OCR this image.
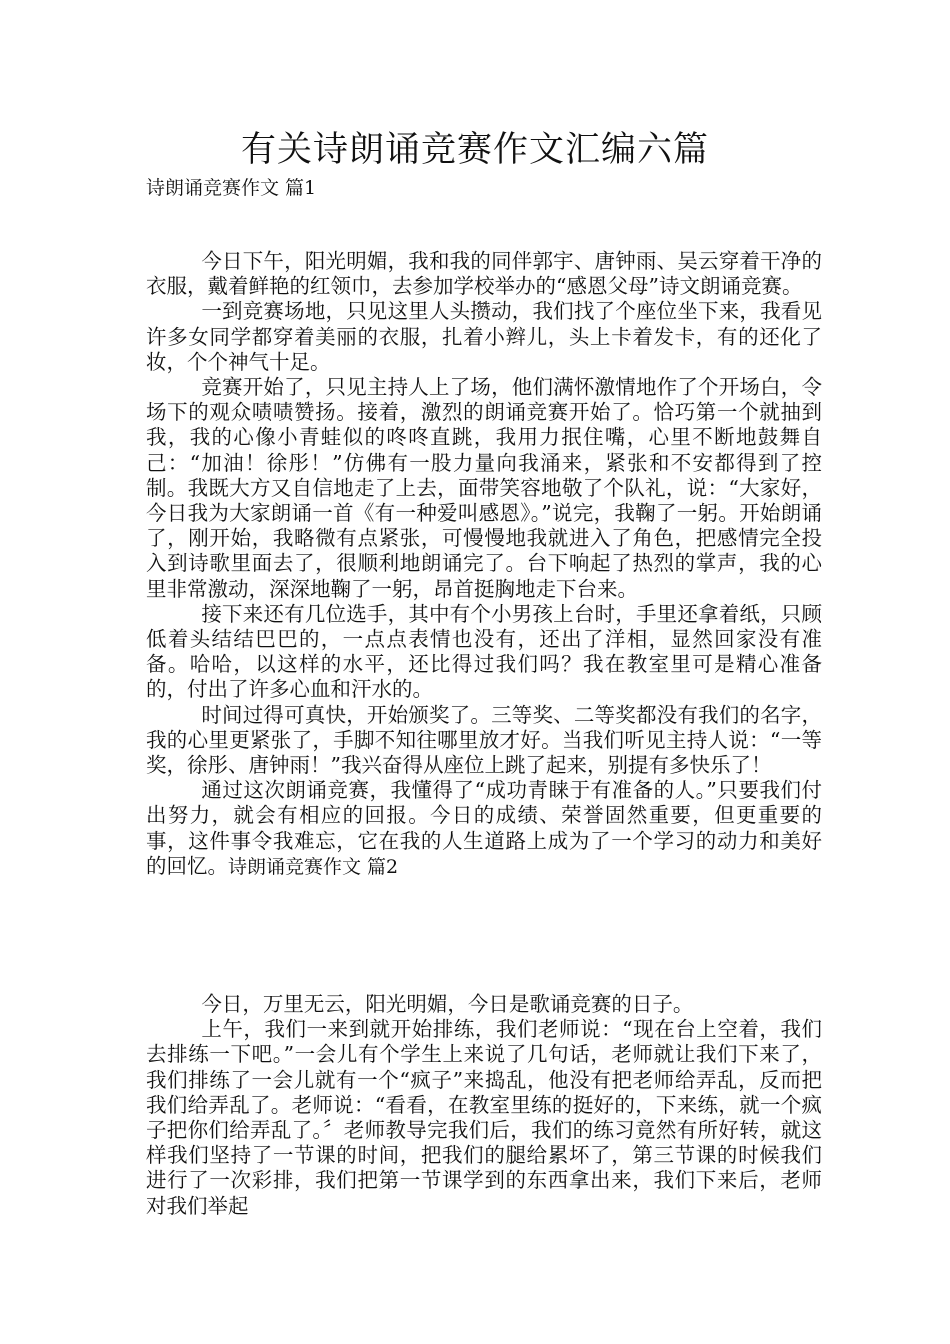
有关诗朗诵竞赛作文汇编六篇
诗朗诵竞赛作文 篇1

今日下午，阳光明媚，我和我的同伴郭宇、唐钟雨、吴云穿着干净的衣服，戴着鲜艳的红领巾，去参加学校举办的“感恩父母”诗文朗诵竞赛。

一到竞赛场地，只见这里人头攒动，我们找了个座位坐下来，我看见许多女同学都穿着美丽的衣服，扎着小辫儿，头上卡着发卡，有的还化了妆，个个神气十足。

竞赛开始了，只见主持人上了场，他们满怀激情地作了个开场白，令场下的观众啧啧赞扬。接着，激烈的朗诵竞赛开始了。恰巧第一个就抽到我，我的心像小青蛙似的咚咚直跳，我用力抿住嘴，心里不断地鼓舞自己：“加油！徐彤！”仿佛有一股力量向我涌来，紧张和不安都得到了控制。我既大方又自信地走了上去，面带笑容地敬了个队礼，说：“大家好，今日我为大家朗诵一首《有一种爱叫感恩》。”说完，我鞠了一躬。开始朗诵了，刚开始，我略微有点紧张，可慢慢地我就进入了角色，把感情完全投入到诗歌里面去了，很顺利地朗诵完了。台下响起了热烈的掌声，我的心里非常激动，深深地鞠了一躬，昂首挺胸地走下台来。

接下来还有几位选手，其中有个小男孩上台时，手里还拿着纸，只顾低着头结结巴巴的，一点点表情也没有，还出了洋相，显然回家没有准备。哈哈，以这样的水平，还比得过我们吗？我在教室里可是精心准备的，付出了许多心血和汗水的。

时间过得可真快，开始颁奖了。三等奖、二等奖都没有我们的名字，我的心里更紧张了，手脚不知往哪里放才好。当我们听见主持人说：“一等奖，徐彤、唐钟雨！”我兴奋得从座位上跳了起来，别提有多快乐了！

通过这次朗诵竞赛，我懂得了“成功青睐于有准备的人。”只要我们付出努力，就会有相应的回报。今日的成绩、荣誉固然重要，但更重要的事，这件事令我难忘，它在我的人生道路上成为了一个学习的动力和美好的回忆。诗朗诵竞赛作文 篇2

今日，万里无云，阳光明媚，今日是歌诵竞赛的日子。

上午，我们一来到就开始排练，我们老师说：“现在台上空着，我们去排练一下吧。”一会儿有个学生上来说了几句话，老师就让我们下来了，我们排练了一会儿就有一个“疯子”来捣乱，他没有把老师给弄乱，反而把我们给弄乱了。老师说：“看看，在教室里练的挺好的，下来练，就一个疯子把你们给弄乱了。〞老师教导完我们后，我们的练习竟然有所好转，就这样我们坚持了一节课的时间，把我们的腿给累坏了，第三节课的时候我们进行了一次彩排，我们把第一节课学到的东西拿出来，我们下来后，老师对我们举起
